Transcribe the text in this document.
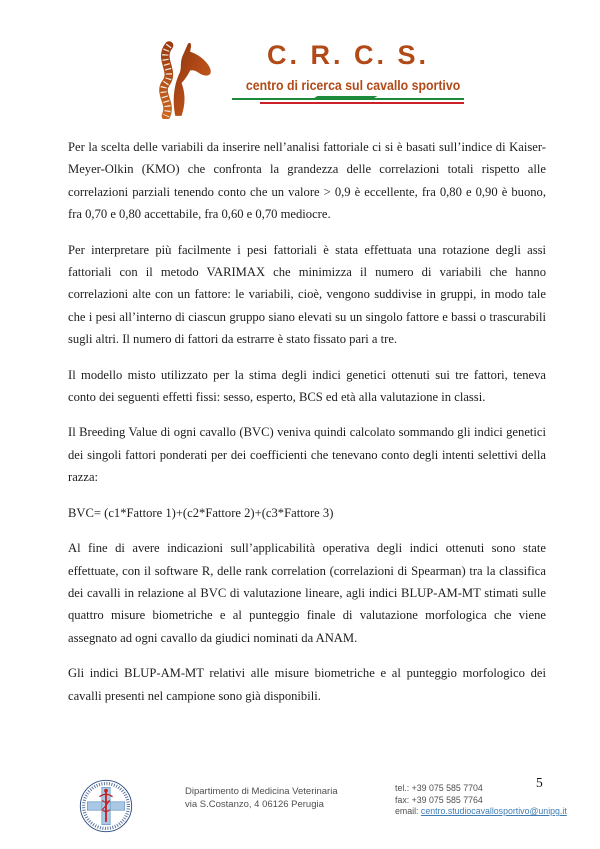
C. R. C. S.
centro di ricerca sul cavallo sportivo

Per la scelta delle variabili da inserire nell’analisi fattoriale ci si è basati sull’indice di Kaiser-Meyer-Olkin (KMO) che confronta la grandezza delle correlazioni totali rispetto alle correlazioni parziali tenendo conto che un valore > 0,9 è eccellente, fra 0,80 e 0,90 è buono, fra 0,70 e 0,80 accettabile, fra 0,60 e 0,70 mediocre.

Per interpretare più facilmente i pesi fattoriali è stata effettuata una rotazione degli assi fattoriali con il metodo VARIMAX che minimizza il numero di variabili che hanno correlazioni alte con un fattore: le variabili, cioè, vengono suddivise in gruppi, in modo tale che i pesi all’interno di ciascun gruppo siano elevati su un singolo fattore e bassi o trascurabili sugli altri. Il numero di fattori da estrarre è stato fissato pari a tre.

Il modello misto utilizzato per la stima degli indici genetici ottenuti sui tre fattori, teneva conto dei seguenti effetti fissi: sesso, esperto, BCS ed età alla valutazione in classi.

Il Breeding Value di ogni cavallo (BVC) veniva quindi calcolato sommando gli indici genetici dei singoli fattori ponderati per dei coefficienti che tenevano conto degli intenti selettivi della razza:

BVC= (c1*Fattore 1)+(c2*Fattore 2)+(c3*Fattore 3)

Al fine di avere indicazioni sull’applicabilità operativa degli indici ottenuti sono state effettuate, con il software R, delle rank correlation (correlazioni di Spearman) tra la classifica dei cavalli in relazione al BVC di valutazione lineare, agli indici BLUP-AM-MT stimati sulle quattro misure biometriche e al punteggio finale di valutazione morfologica che viene assegnato ad ogni cavallo da giudici nominati da ANAM.

Gli indici BLUP-AM-MT relativi alle misure biometriche e al punteggio morfologico dei cavalli presenti nel campione sono già disponibili.

Dipartimento di Medicina Veterinaria
via S.Costanzo, 4 06126 Perugia
tel.: +39 075 585 7704
fax: +39 075 585 7764
email: centro.studiocavallosportivo@unipg.it
5
